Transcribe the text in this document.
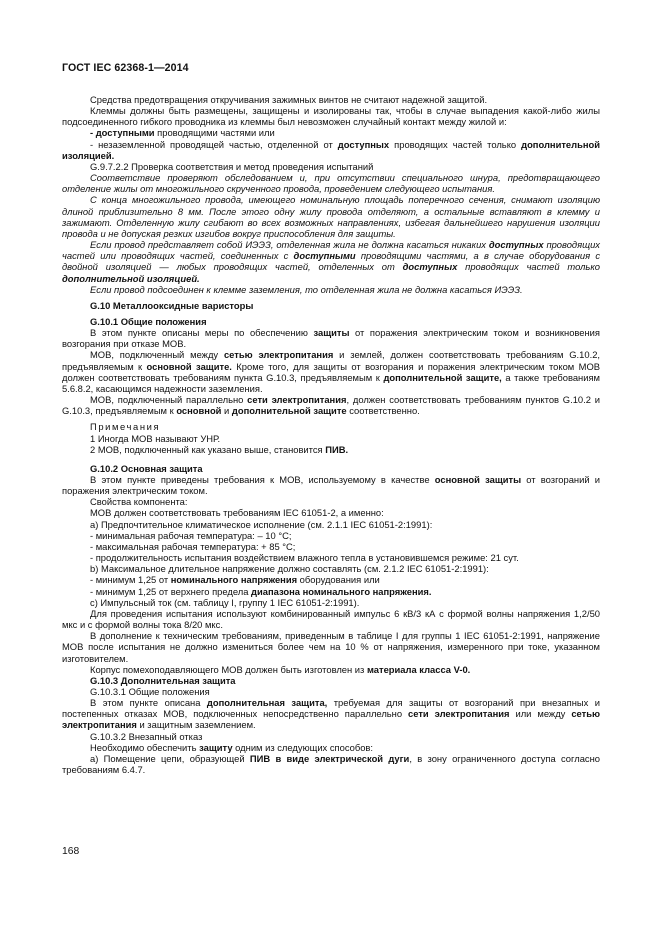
ГОСТ IEC 62368-1—2014

Средства предотвращения откручивания зажимных винтов не считают надежной защитой.

Клеммы должны быть размещены, защищены и изолированы так, чтобы в случае выпадения какой-либо жилы подсоединенного гибкого проводника из клеммы был невозможен случайный контакт между жилой и:

- доступными проводящими частями или

- незаземленной проводящей частью, отделенной от доступных проводящих частей только дополнительной изоляцией.

G.9.7.2.2 Проверка соответствия и метод проведения испытаний

Соответствие проверяют обследованием и, при отсутствии специального шнура, предотвращающего отделение жилы от многожильного скрученного провода, проведением следующего испытания.

С конца многожильного провода, имеющего номинальную площадь поперечного сечения, снимают изоляцию длиной приблизительно 8 мм. После этого одну жилу провода отделяют, а остальные вставляют в клемму и зажимают. Отделенную жилу сгибают во всех возможных направлениях, избегая дальнейшего нарушения изоляции провода и не допуская резких изгибов вокруг приспособления для защиты.

Если провод представляет собой ИЭЭЗ, отделенная жила не должна касаться никаких доступных проводящих частей или проводящих частей, соединенных с доступными проводящими частями, а в случае оборудования с двойной изоляцией — любых проводящих частей, отделенных от доступных проводящих частей только дополнительной изоляцией.

Если провод подсоединен к клемме заземления, то отделенная жила не должна касаться ИЭЭЗ.

G.10 Металлооксидные варисторы

G.10.1 Общие положения

В этом пункте описаны меры по обеспечению защиты от поражения электрическим током и возникновения возгорания при отказе МОВ.

МОВ, подключенный между сетью электропитания и землей, должен соответствовать требованиям G.10.2, предъявляемым к основной защите. Кроме того, для защиты от возгорания и поражения электрическим током МОВ должен соответствовать требованиям пункта G.10.3, предъявляемым к дополнительной защите, а также требованиям 5.6.8.2, касающимся надежности заземления.

МОВ, подключенный параллельно сети электропитания, должен соответствовать требованиям пунктов G.10.2 и G.10.3, предъявляемым к основной и дополнительной защите соответственно.

Примечания

1 Иногда МОВ называют УНР.

2 МОВ, подключенный как указано выше, становится ПИВ.

G.10.2 Основная защита

В этом пункте приведены требования к МОВ, используемому в качестве основной защиты от возгораний и поражения электрическим током.

Свойства компонента:

МОВ должен соответствовать требованиям IEC 61051-2, а именно:

a) Предпочтительное климатическое исполнение (см. 2.1.1 IEC 61051-2:1991):

- минимальная рабочая температура: – 10 °C;

- максимальная рабочая температура: + 85 °C;

- продолжительность испытания воздействием влажного тепла в установившемся режиме: 21 сут.

b) Максимальное длительное напряжение должно составлять (см. 2.1.2 IEC 61051-2:1991):

- минимум 1,25 от номинального напряжения оборудования или

- минимум 1,25 от верхнего предела диапазона номинального напряжения.

c) Импульсный ток (см. таблицу I, группу 1 IEC 61051-2:1991).

Для проведения испытания используют комбинированный импульс 6 кВ/3 кА с формой волны напряжения 1,2/50 мкс и с формой волны тока 8/20 мкс.

В дополнение к техническим требованиям, приведенным в таблице I для группы 1 IEC 61051-2:1991, напряжение МОВ после испытания не должно измениться более чем на 10 % от напряжения, измеренного при токе, указанном изготовителем.

Корпус помехоподавляющего МОВ должен быть изготовлен из материала класса V-0.

G.10.3 Дополнительная защита

G.10.3.1 Общие положения

В этом пункте описана дополнительная защита, требуемая для защиты от возгораний при внезапных и постепенных отказах МОВ, подключенных непосредственно параллельно сети электропитания или между сетью электропитания и защитным заземлением.

G.10.3.2 Внезапный отказ

Необходимо обеспечить защиту одним из следующих способов:

a) Помещение цепи, образующей ПИВ в виде электрической дуги, в зону ограниченного доступа согласно требованиям 6.4.7.

168
